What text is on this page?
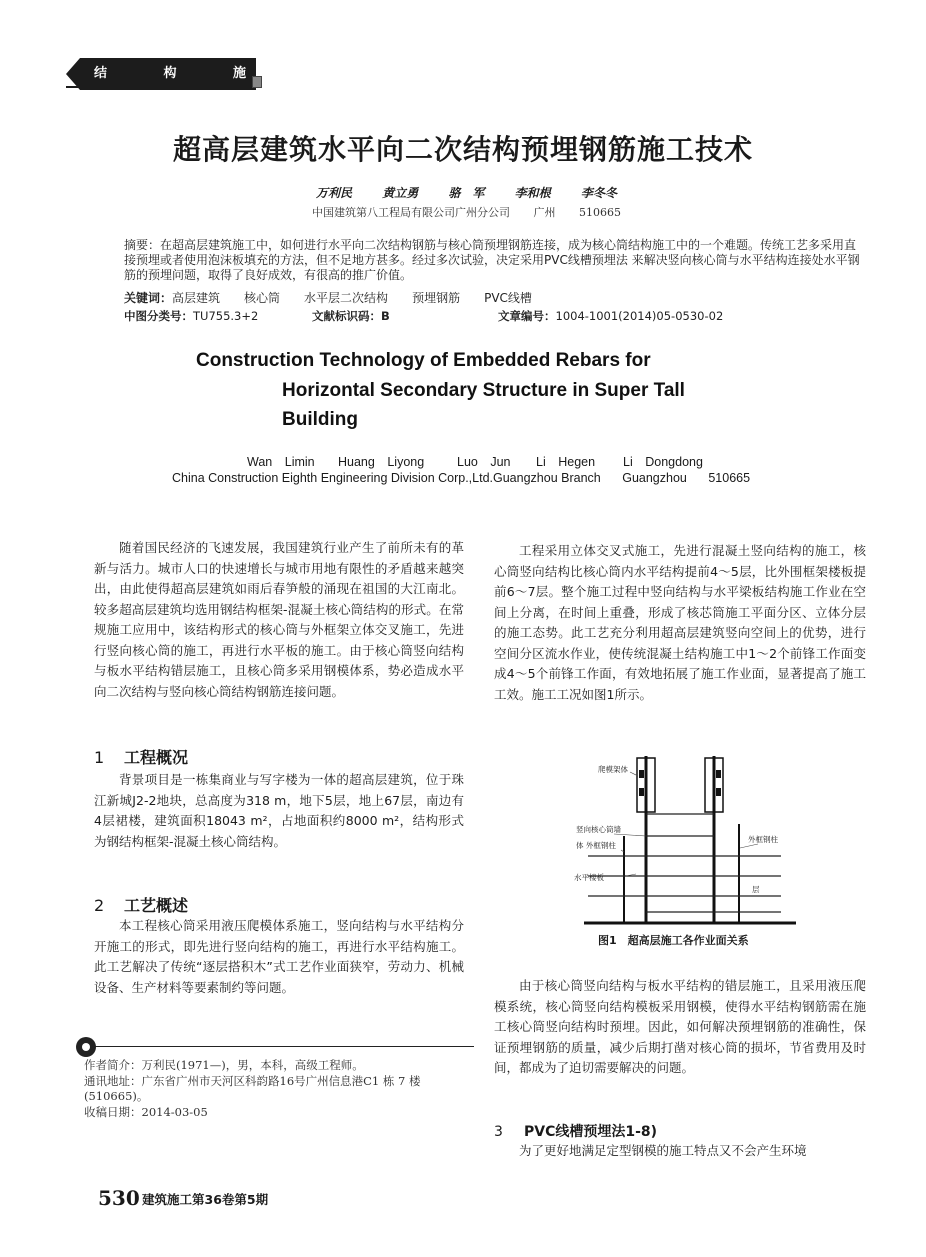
结 构 施 工
超高层建筑水平向二次结构预埋钢筋施工技术
万利民	黄立勇	骆　军	李和根	李冬冬
中国建筑第八工程局有限公司广州分公司 广州 510665
摘要：在超高层建筑施工中，如何进行水平向二次结构钢筋与核心筒预埋钢筋连接，成为核心筒结构施工中的一个难题。传统工艺多采用直接预埋或者使用泡沫板填充的方法，但不足地方甚多。经过多次试验，决定采用PVC线槽预埋法 来解决竖向核心筒与水平结构连接处水平钢筋的预埋问题，取得了良好成效，有很高的推广价值。
关键词：高层建筑 核心筒 水平层二次结构 预埋钢筋 PVC线槽
中图分类号：TU755.3+2	文献标识码：B	文章编号：1004-1001(2014)05-0530-02
Construction Technology of Embedded Rebars for
Horizontal Secondary Structure in Super Tall
Building
Wan　Limin Huang　Liyong	Luo　Jun Li　Hegen Li　Dongdong
China Construction Eighth Engineering Division Corp.,Ltd.Guangzhou Branch Guangzhou 510665

随着国民经济的飞速发展，我国建筑行业产生了前所未有的革新与活力。城市人口的快速增长与城市用地有限性的矛盾越来越突出，由此使得超高层建筑如雨后春笋般的涌现在祖国的大江南北。较多超高层建筑均选用钢结构框架-混凝土核心筒结构的形式。在常规施工应用中，该结构形式的核心筒与外框架立体交叉施工，先进行竖向核心筒的施工，再进行水平板的施工。由于核心筒竖向结构与板水平结构错层施工，且核心筒多采用钢模体系，势必造成水平向二次结构与竖向核心筒结构钢筋连接问题。

1 工程概况

背景项目是一栋集商业与写字楼为一体的超高层建筑，位于珠江新城J2-2地块，总高度为318 m，地下5层，地上67层，南边有4层裙楼，建筑面积18043 m²，占地面积约8000 m²，结构形式为钢结构框架-混凝土核心筒结构。

2 工艺概述

本工程核心筒采用液压爬模体系施工，竖向结构与水平结构分开施工的形式，即先进行竖向结构的施工，再进行水平结构施工。此工艺解决了传统“逐层搭积木”式工艺作业面狭窄，劳动力、机械设备、生产材料等要素制约等问题。

作者简介：万利民(1971—)，男，本科，高级工程师。
通讯地址：广东省广州市天河区科韵路16号广州信息港C1 栋 7 楼(510665)。
收稿日期：2014-03-05

工程采用立体交叉式施工，先进行混凝土竖向结构的施工，核心筒竖向结构比核心筒内水平结构提前4～5层，比外围框架楼板提前6～7层。整个施工过程中竖向结构与水平梁板结构施工作业在空间上分离，在时间上重叠，形成了核芯筒施工平面分区、立体分层的施工态势。此工艺充分利用超高层建筑竖向空间上的优势，进行空间分区流水作业，使传统混凝土结构施工中1～2个前锋工作面变成4～5个前锋工作面，有效地拓展了施工作业面，显著提高了施工工效。施工工况如图1所示。

爬模架体
竖向核心筒墙
体 外框钢柱
水平楼板
外框钢柱
层
图1　超高层施工各作业面关系

由于核心筒竖向结构与板水平结构的错层施工，且采用液压爬模系统，核心筒竖向结构模板采用钢模，使得水平结构钢筋需在施工核心筒竖向结构时预埋。因此，如何解决预埋钢筋的准确性，保证预埋钢筋的质量，减少后期打凿对核心筒的损坏，节省费用及时间，都成为了迫切需要解决的问题。

3 PVC线槽预埋法1-8)

为了更好地满足定型钢模的施工特点又不会产生环境

530 建筑施工第36卷第5期
